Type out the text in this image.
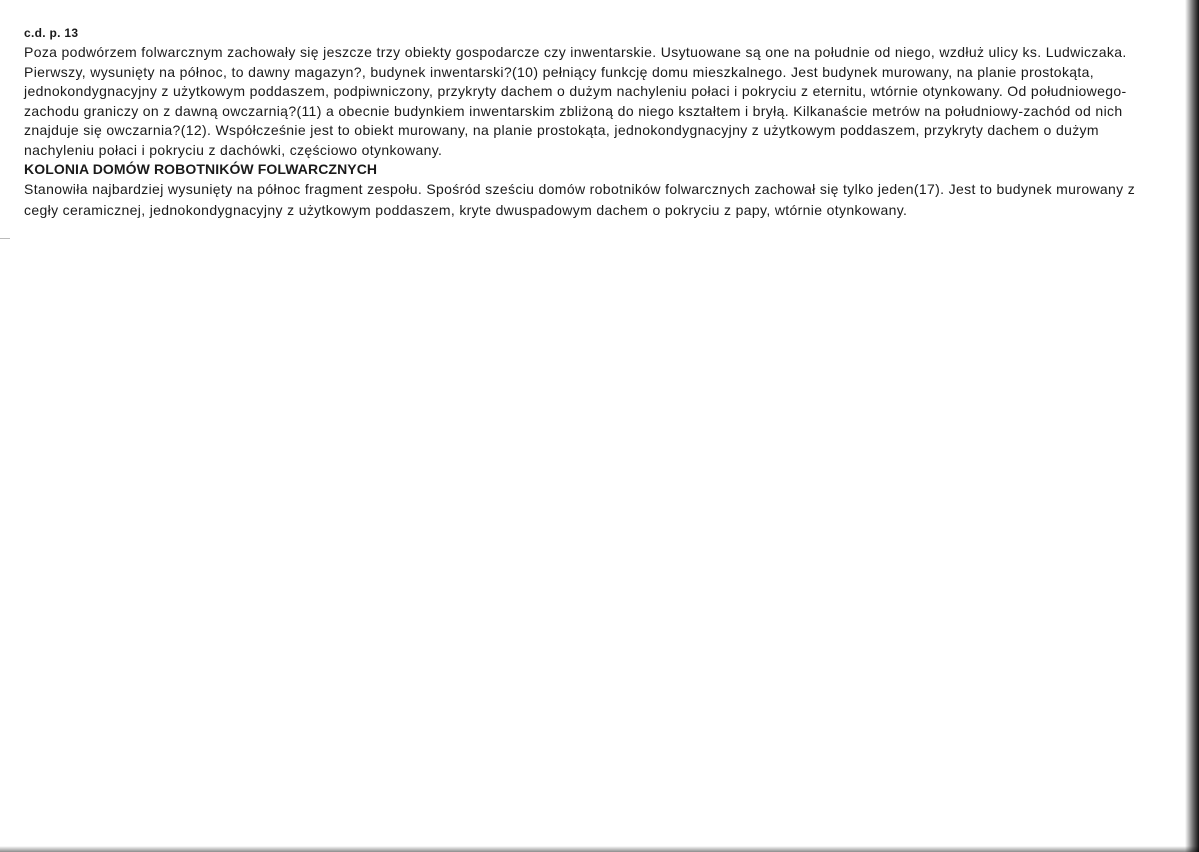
c.d. p. 13

Poza podwórzem folwarcznym zachowały się jeszcze trzy obiekty gospodarcze czy inwentarskie. Usytuowane są one na południe od niego, wzdłuż ulicy ks. Ludwiczaka. Pierwszy, wysunięty na północ, to dawny magazyn?, budynek inwentarski?(10) pełniący funkcję domu mieszkalnego. Jest budynek murowany, na planie prostokąta, jednokondygnacyjny z użytkowym poddaszem, podpiwniczony, przykryty dachem o dużym nachyleniu połaci i pokryciu z eternitu, wtórnie otynkowany. Od południowego-zachodu graniczy on z dawną owczarnią?(11) a obecnie budynkiem inwentarskim zbliżoną do niego kształtem i bryłą. Kilkanaście metrów na południowy-zachód od nich znajduje się owczarnia?(12). Współcześnie jest to obiekt murowany, na planie prostokąta, jednokondygnacyjny z użytkowym poddaszem, przykryty dachem o dużym nachyleniu połaci i pokryciu z dachówki, częściowo otynkowany.

KOLONIA DOMÓW ROBOTNIKÓW FOLWARCZNYCH

Stanowiła najbardziej wysunięty na północ fragment zespołu. Spośród sześciu domów robotników folwarcznych zachował się tylko jeden(17). Jest to budynek murowany z cegły ceramicznej, jednokondygnacyjny z użytkowym poddaszem, kryte dwuspadowym dachem o pokryciu z papy, wtórnie otynkowany.
